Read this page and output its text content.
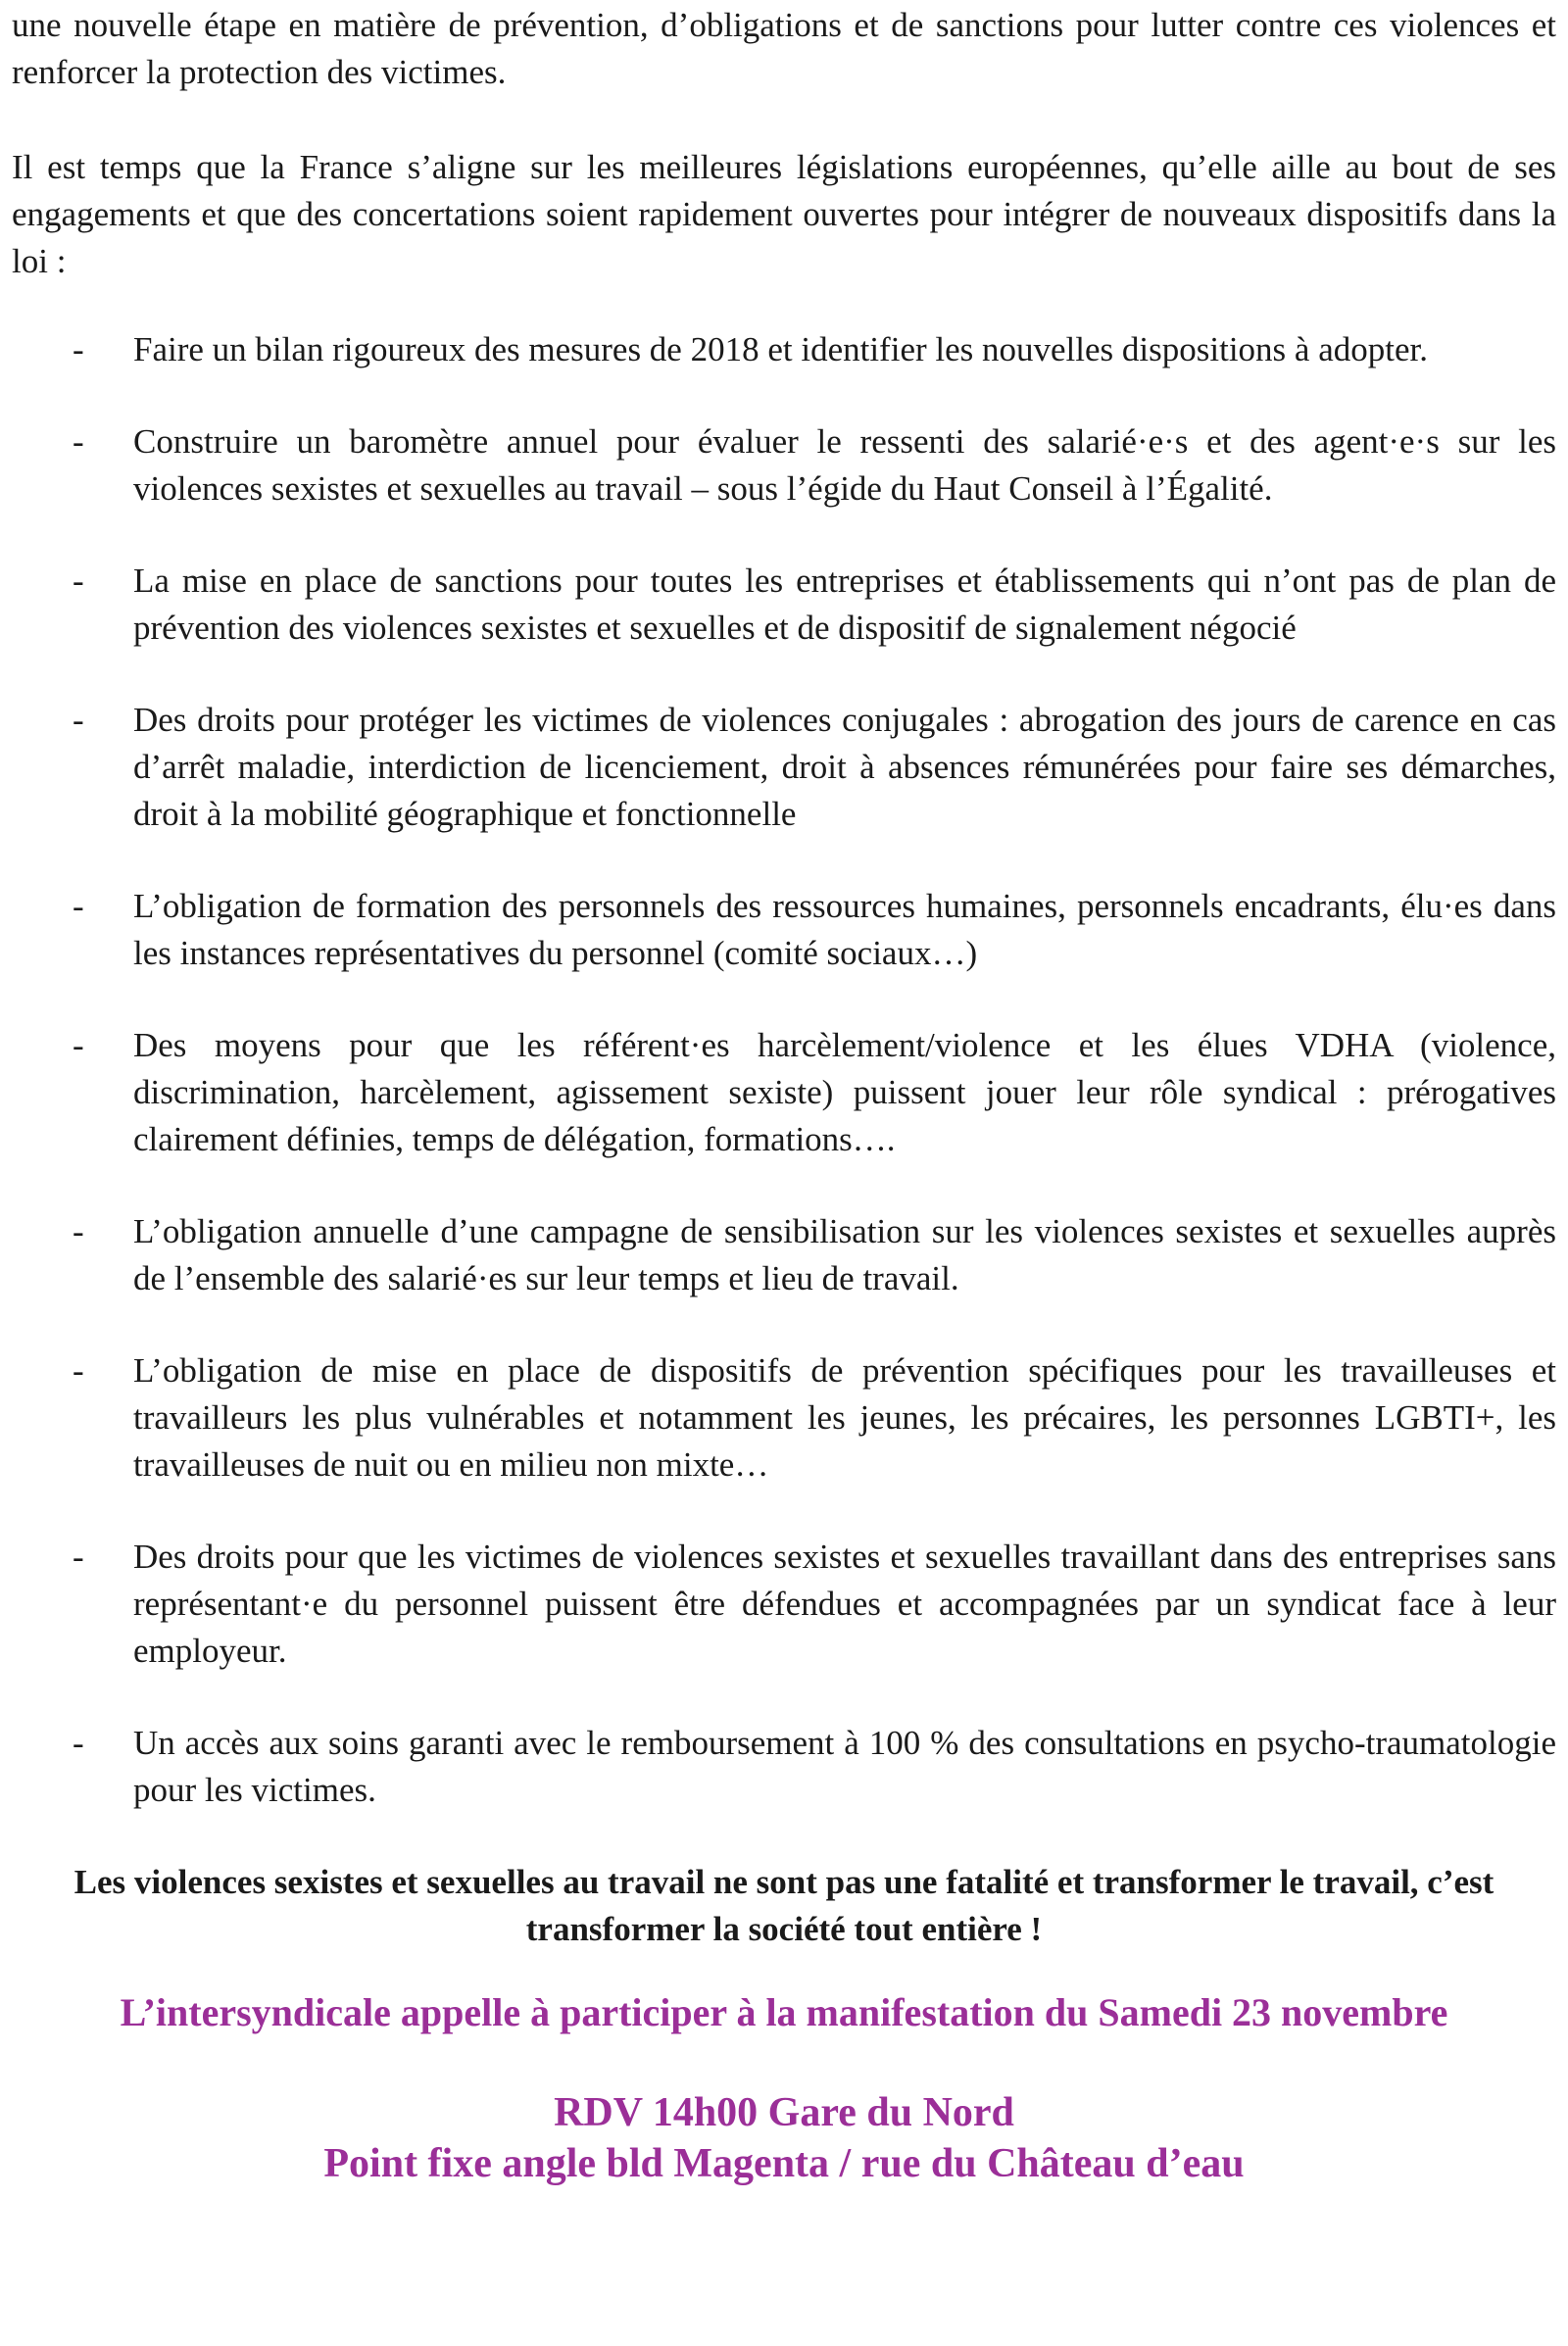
une nouvelle étape en matière de prévention, d’obligations et de sanctions pour lutter contre ces violences et renforcer la protection des victimes.

Il est temps que la France s’aligne sur les meilleures législations européennes, qu’elle aille au bout de ses engagements et que des concertations soient rapidement ouvertes pour intégrer de nouveaux dispositifs dans la loi :

- Faire un bilan rigoureux des mesures de 2018 et identifier les nouvelles dispositions à adopter.

- Construire un baromètre annuel pour évaluer le ressenti des salarié·e·s et des agent·e·s sur les violences sexistes et sexuelles au travail – sous l’égide du Haut Conseil à l’Égalité.

- La mise en place de sanctions pour toutes les entreprises et établissements qui n’ont pas de plan de prévention des violences sexistes et sexuelles et de dispositif de signalement négocié

- Des droits pour protéger les victimes de violences conjugales : abrogation des jours de carence en cas d’arrêt maladie, interdiction de licenciement, droit à absences rémunérées pour faire ses démarches, droit à la mobilité géographique et fonctionnelle

- L’obligation de formation des personnels des ressources humaines, personnels encadrants, élu·es dans les instances représentatives du personnel (comité sociaux…)

- Des moyens pour que les référent·es harcèlement/violence et les élues VDHA (violence, discrimination, harcèlement, agissement sexiste) puissent jouer leur rôle syndical : prérogatives clairement définies, temps de délégation, formations….

- L’obligation annuelle d’une campagne de sensibilisation sur les violences sexistes et sexuelles auprès de l’ensemble des salarié·es sur leur temps et lieu de travail.

- L’obligation de mise en place de dispositifs de prévention spécifiques pour les travailleuses et travailleurs les plus vulnérables et notamment les jeunes, les précaires, les personnes LGBTI+, les travailleuses de nuit ou en milieu non mixte…

- Des droits pour que les victimes de violences sexistes et sexuelles travaillant dans des entreprises sans représentant·e du personnel puissent être défendues et accompagnées par un syndicat face à leur employeur.

- Un accès aux soins garanti avec le remboursement à 100 % des consultations en psycho-traumatologie pour les victimes.

Les violences sexistes et sexuelles au travail ne sont pas une fatalité et transformer le travail, c’est transformer la société tout entière !

L’intersyndicale appelle à participer à la manifestation du Samedi 23 novembre

RDV 14h00 Gare du Nord
Point fixe angle bld Magenta / rue du Château d’eau
